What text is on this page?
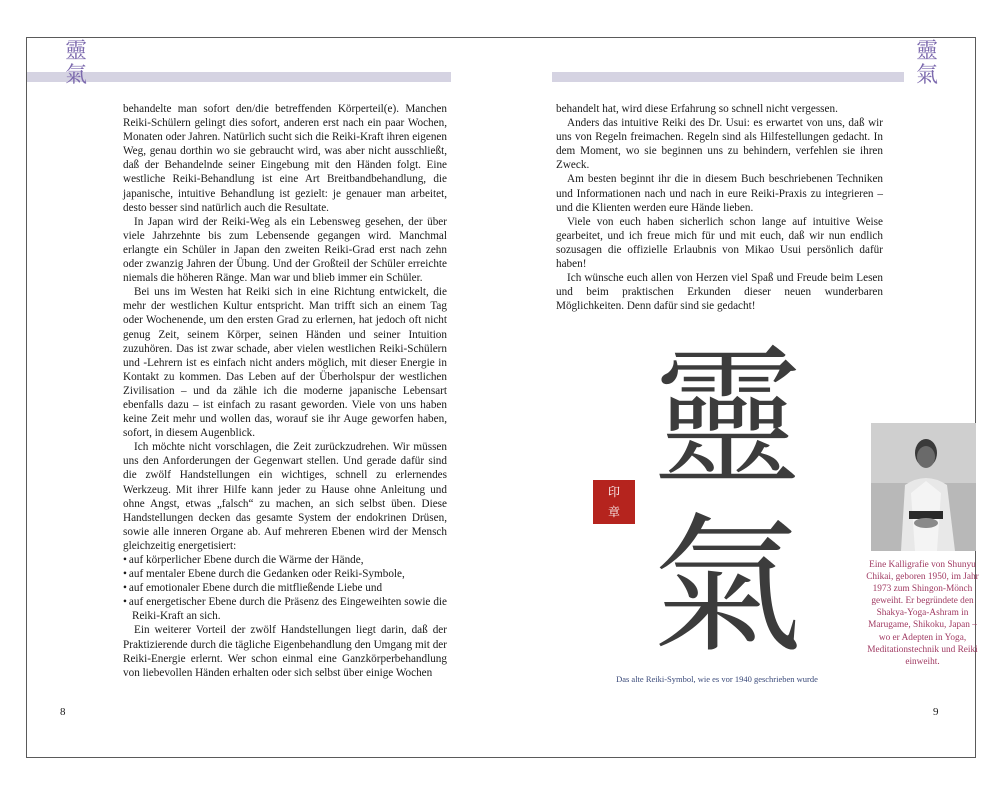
靈
氣

behandelte man sofort den/die betreffenden Körperteil(e). Manchen Reiki-Schülern gelingt dies sofort, anderen erst nach ein paar Wochen, Monaten oder Jahren. Natürlich sucht sich die Reiki-Kraft ihren eigenen Weg, genau dorthin wo sie gebraucht wird, was aber nicht ausschließt, daß der Behandelnde seiner Eingebung mit den Händen folgt. Eine westliche Reiki-Behandlung ist eine Art Breitbandbehandlung, die japanische, intuitive Behandlung ist gezielt: je genauer man arbeitet, desto besser sind natürlich auch die Resultate.

In Japan wird der Reiki-Weg als ein Lebensweg gesehen, der über viele Jahrzehnte bis zum Lebensende gegangen wird. Manchmal erlangte ein Schüler in Japan den zweiten Reiki-Grad erst nach zehn oder zwanzig Jahren der Übung. Und der Großteil der Schüler erreichte niemals die höheren Ränge. Man war und blieb immer ein Schüler.

Bei uns im Westen hat Reiki sich in eine Richtung entwickelt, die mehr der westlichen Kultur entspricht. Man trifft sich an einem Tag oder Wochenende, um den ersten Grad zu erlernen, hat jedoch oft nicht genug Zeit, seinem Körper, seinen Händen und seiner Intuition zuzuhören. Das ist zwar schade, aber vielen westlichen Reiki-Schülern und -Lehrern ist es einfach nicht anders möglich, mit dieser Energie in Kontakt zu kommen. Das Leben auf der Überholspur der westlichen Zivilisation – und da zähle ich die moderne japanische Lebensart ebenfalls dazu – ist einfach zu rasant geworden. Viele von uns haben keine Zeit mehr und wollen das, worauf sie ihr Auge geworfen haben, sofort, in diesem Augenblick.

Ich möchte nicht vorschlagen, die Zeit zurückzudrehen. Wir müssen uns den Anforderungen der Gegenwart stellen. Und gerade dafür sind die zwölf Handstellungen ein wichtiges, schnell zu erlernendes Werkzeug. Mit ihrer Hilfe kann jeder zu Hause ohne Anleitung und ohne Angst, etwas „falsch“ zu machen, an sich selbst üben. Diese Handstellungen decken das gesamte System der endokrinen Drüsen, sowie alle inneren Organe ab. Auf mehreren Ebenen wird der Mensch gleichzeitig energetisiert:

• auf körperlicher Ebene durch die Wärme der Hände,
• auf mentaler Ebene durch die Gedanken oder Reiki-Symbole,
• auf emotionaler Ebene durch die mitfließende Liebe und
• auf energetischer Ebene durch die Präsenz des Eingeweihten sowie die Reiki-Kraft an sich.

Ein weiterer Vorteil der zwölf Handstellungen liegt darin, daß der Praktizierende durch die tägliche Eigenbehandlung den Umgang mit der Reiki-Energie erlernt. Wer schon einmal eine Ganzkörperbehandlung von liebevollen Händen erhalten oder sich selbst über einige Wochen

8
靈
氣

behandelt hat, wird diese Erfahrung so schnell nicht vergessen.

Anders das intuitive Reiki des Dr. Usui: es erwartet von uns, daß wir uns von Regeln freimachen. Regeln sind als Hilfestellungen gedacht. In dem Moment, wo sie beginnen uns zu behindern, verfehlen sie ihren Zweck.

Am besten beginnt ihr die in diesem Buch beschriebenen Techniken und Informationen nach und nach in eure Reiki-Praxis zu integrieren – und die Klienten werden eure Hände lieben.

Viele von euch haben sicherlich schon lange auf intuitive Weise gearbeitet, und ich freue mich für und mit euch, daß wir nun endlich sozusagen die offizielle Erlaubnis von Mikao Usui persönlich dafür haben!

Ich wünsche euch allen von Herzen viel Spaß und Freude beim Lesen und beim praktischen Erkunden dieser neuen wunderbaren Möglichkeiten. Denn dafür sind sie gedacht!

靈
氣
印
章
Das alte Reiki-Symbol, wie es vor 1940 geschrieben wurde
Eine Kalligrafie von Shunyu Chikai, geboren 1950, im Jahr 1973 zum Shingon-Mönch geweiht. Er begründete den Shakya-Yoga-Ashram in Marugame, Shikoku, Japan – wo er Adepten in Yoga, Meditationstechnik und Reiki einweiht.
9
